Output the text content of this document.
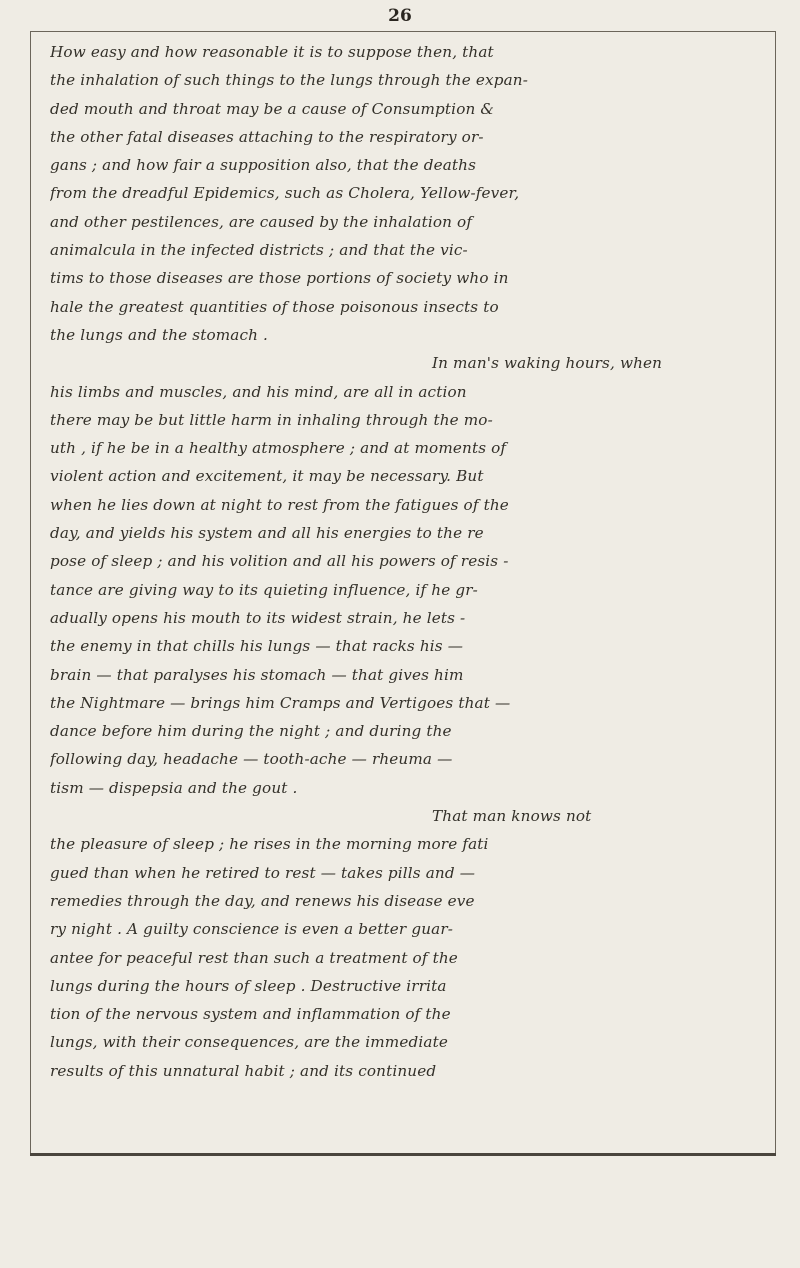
26
How easy and how reasonable it is to suppose then, that
the inhalation of such things to the lungs through the expan-
ded mouth and throat may be a cause of Consumption &
the other fatal diseases attaching to the respiratory or-
gans ; and how fair a supposition also, that the deaths
from the dreadful Epidemics, such as Cholera, Yellow-fever,
and other pestilences, are caused by the inhalation of
animalcula in the infected districts ; and that the vic-
tims to those diseases are those portions of society who in
hale the greatest quantities of those poisonous insects to
the lungs and the stomach .
In man's waking hours, when
his limbs and muscles, and his mind, are all in action
there may be but little harm in inhaling through the mo-
uth , if he be in a healthy atmosphere ; and at moments of
violent action and excitement, it may be necessary. But
when he lies down at night to rest from the fatigues of the
day, and yields his system and all his energies to the re
pose of sleep ; and his volition and all his powers of resis -
tance are giving way to its quieting influence, if he gr-
adually opens his mouth to its widest strain, he lets -
the enemy in that chills his lungs — that racks his —
brain — that paralyses his stomach — that gives him
the Nightmare — brings him Cramps and Vertigoes that —
dance before him during the night ; and during the
following day, headache — tooth-ache — rheuma —
tism — dispepsia and the gout .
That man knows not
the pleasure of sleep ; he rises in the morning more fati
gued than when he retired to rest — takes pills and —
remedies through the day, and renews his disease eve
ry night . A guilty conscience is even a better guar-
antee for peaceful rest than such a treatment of the
lungs during the hours of sleep . Destructive irrita
tion of the nervous system and inflammation of the
lungs, with their consequences, are the immediate
results of this unnatural habit ; and its continued
